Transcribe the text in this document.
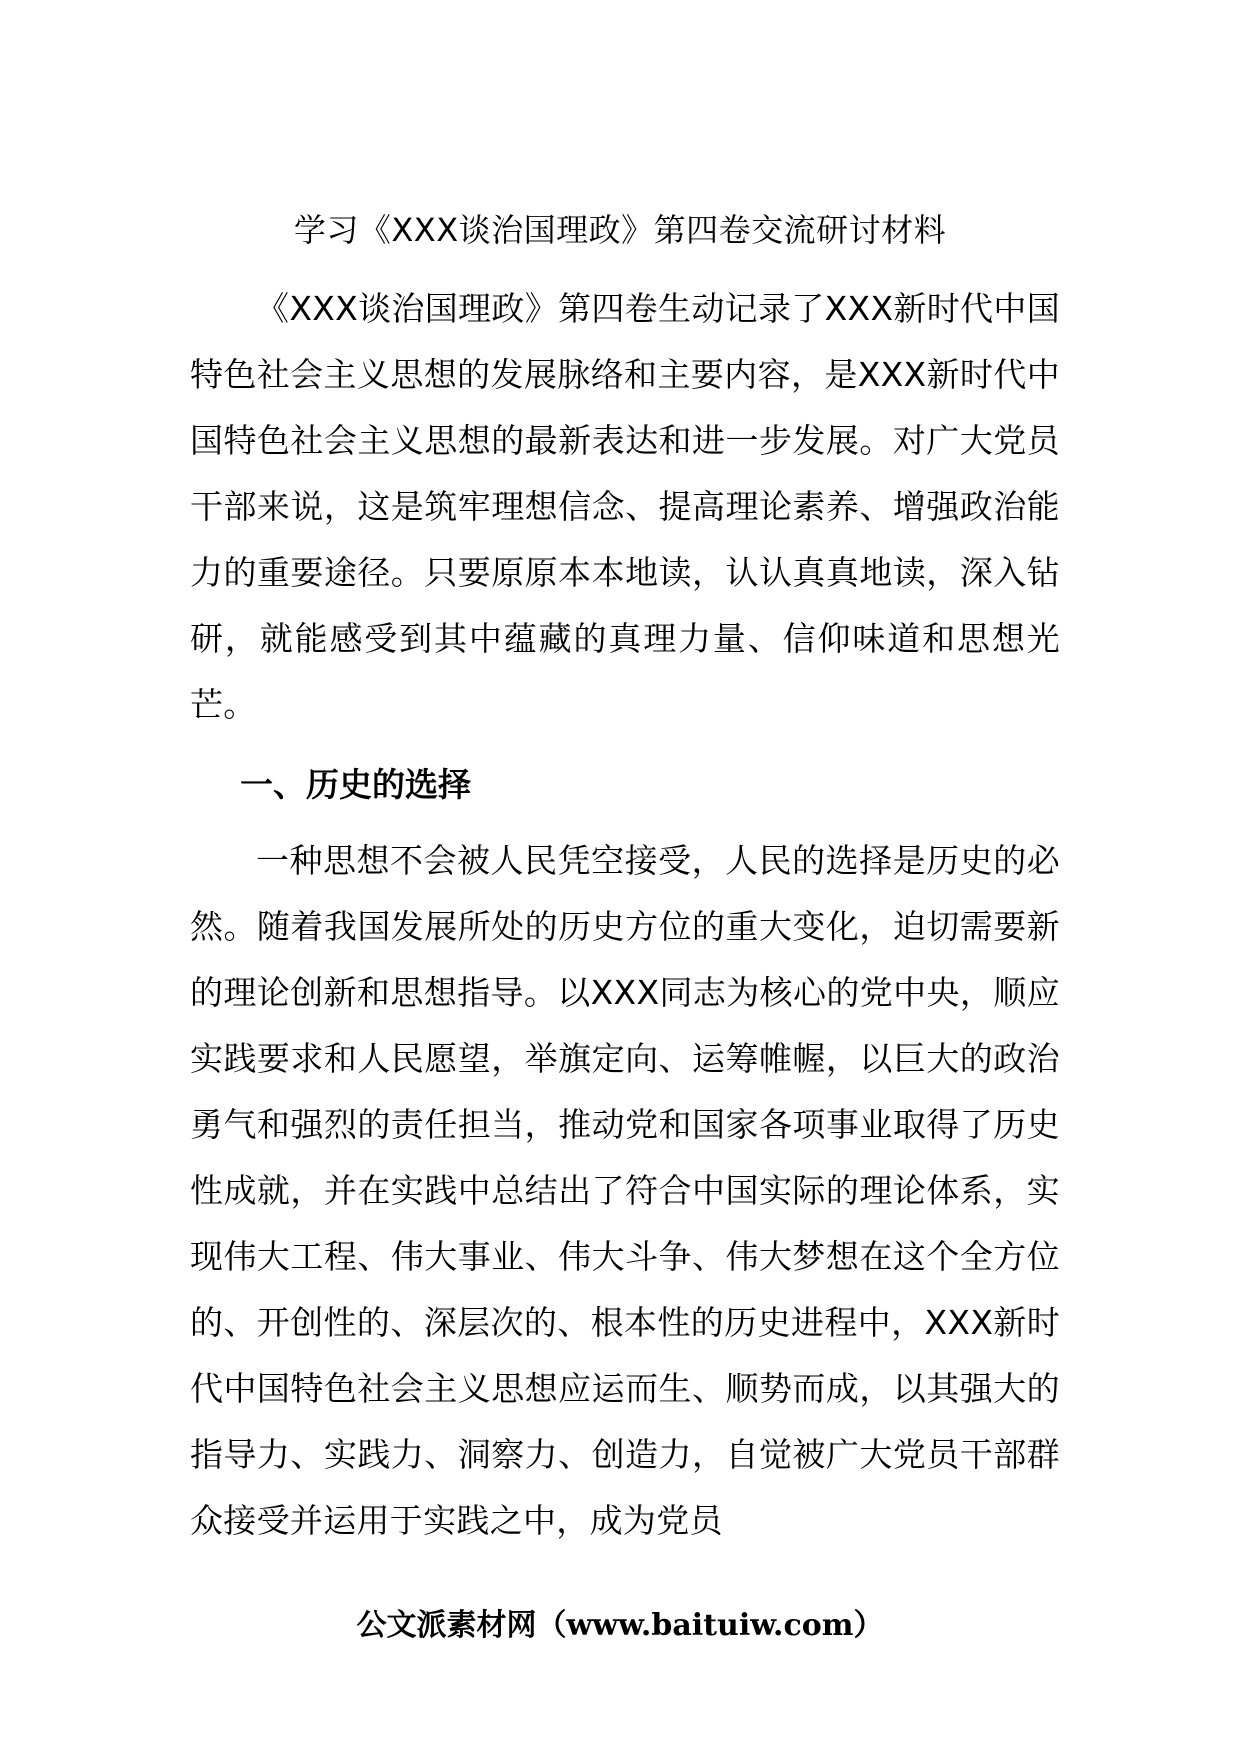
学习《XXX谈治国理政》第四卷交流研讨材料

《XXX谈治国理政》第四卷生动记录了XXX新时代中国特色社会主义思想的发展脉络和主要内容，是XXX新时代中国特色社会主义思想的最新表达和进一步发展。对广大党员干部来说，这是筑牢理想信念、提高理论素养、增强政治能力的重要途径。只要原原本本地读，认认真真地读，深入钻研，就能感受到其中蕴藏的真理力量、信仰味道和思想光芒。

一、历史的选择

一种思想不会被人民凭空接受，人民的选择是历史的必然。随着我国发展所处的历史方位的重大变化，迫切需要新的理论创新和思想指导。以XXX同志为核心的党中央，顺应实践要求和人民愿望，举旗定向、运筹帷幄，以巨大的政治勇气和强烈的责任担当，推动党和国家各项事业取得了历史性成就，并在实践中总结出了符合中国实际的理论体系，实现伟大工程、伟大事业、伟大斗争、伟大梦想在这个全方位的、开创性的、深层次的、根本性的历史进程中，XXX新时代中国特色社会主义思想应运而生、顺势而成，以其强大的指导力、实践力、洞察力、创造力，自觉被广大党员干部群众接受并运用于实践之中，成为党员

公文派素材网（www.baituiw.com）
